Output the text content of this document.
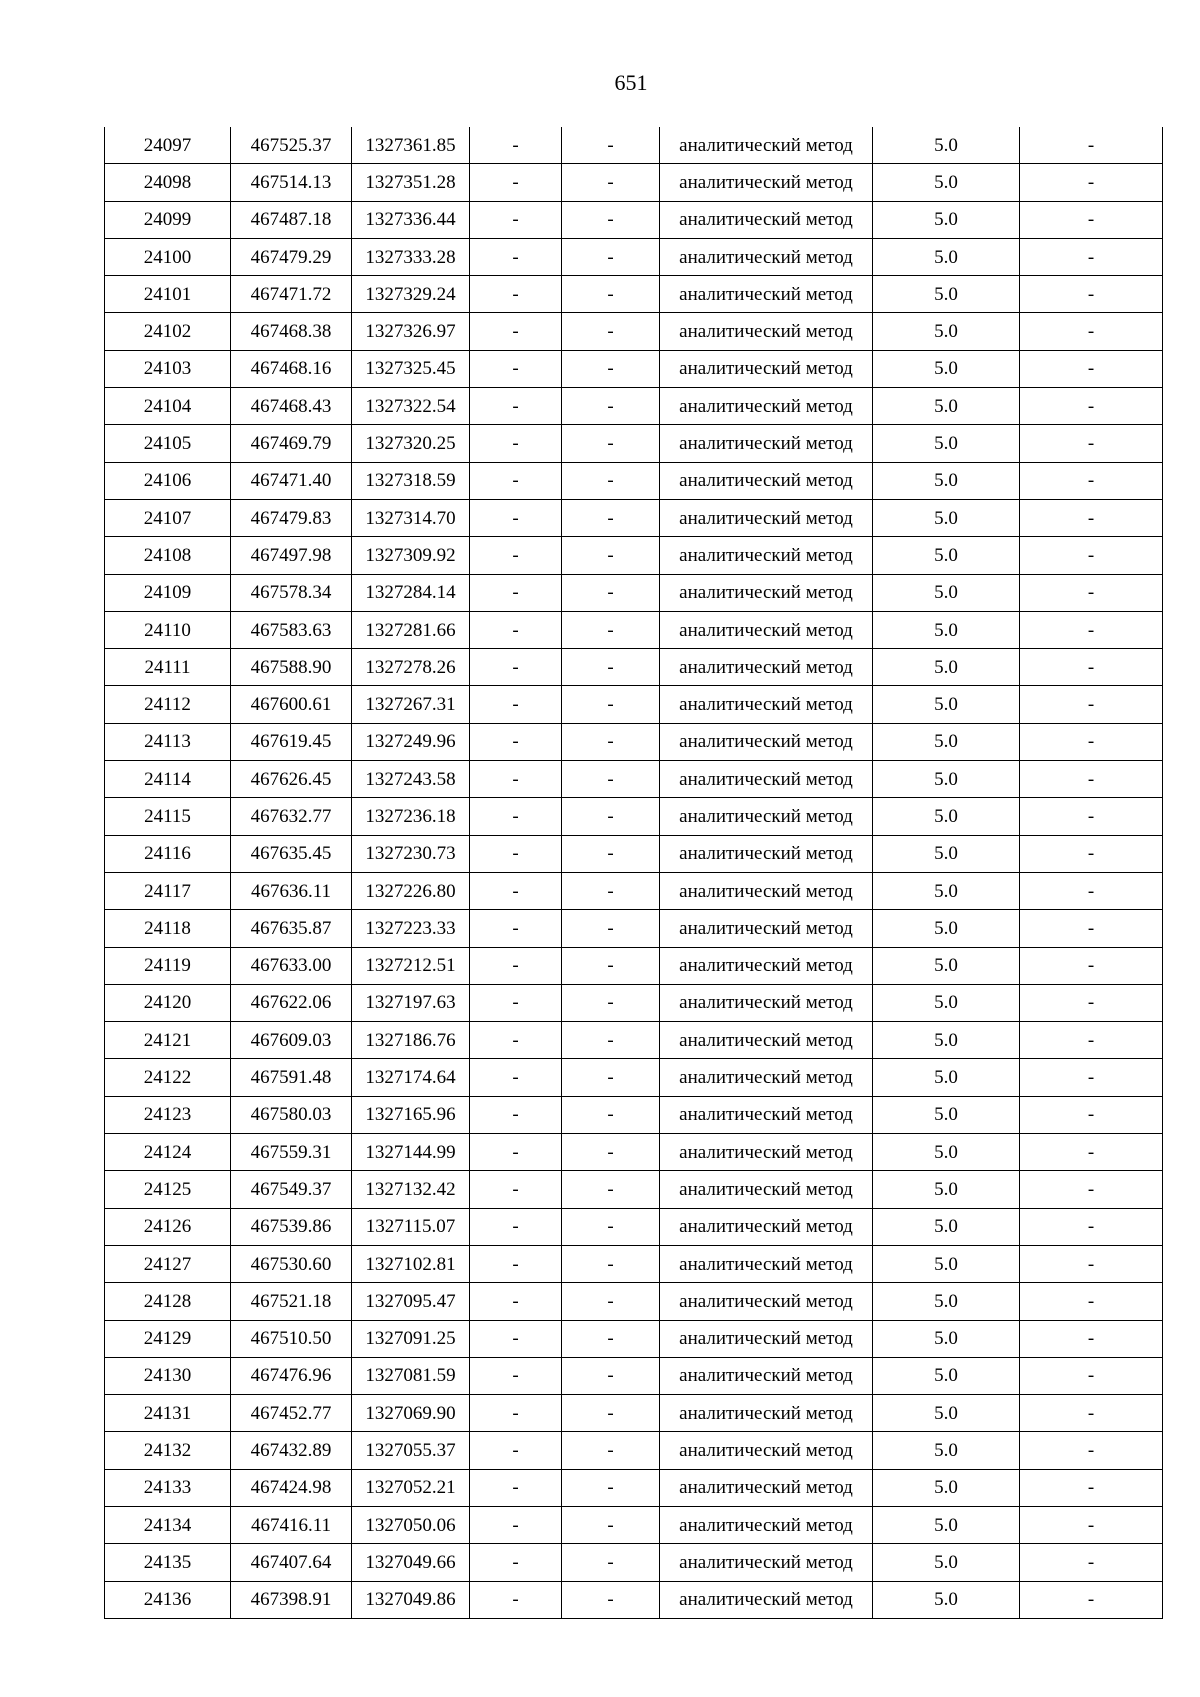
651
24097	467525.37	1327361.85	-	-	аналитический метод	5.0	-
24098	467514.13	1327351.28	-	-	аналитический метод	5.0	-
24099	467487.18	1327336.44	-	-	аналитический метод	5.0	-
24100	467479.29	1327333.28	-	-	аналитический метод	5.0	-
24101	467471.72	1327329.24	-	-	аналитический метод	5.0	-
24102	467468.38	1327326.97	-	-	аналитический метод	5.0	-
24103	467468.16	1327325.45	-	-	аналитический метод	5.0	-
24104	467468.43	1327322.54	-	-	аналитический метод	5.0	-
24105	467469.79	1327320.25	-	-	аналитический метод	5.0	-
24106	467471.40	1327318.59	-	-	аналитический метод	5.0	-
24107	467479.83	1327314.70	-	-	аналитический метод	5.0	-
24108	467497.98	1327309.92	-	-	аналитический метод	5.0	-
24109	467578.34	1327284.14	-	-	аналитический метод	5.0	-
24110	467583.63	1327281.66	-	-	аналитический метод	5.0	-
24111	467588.90	1327278.26	-	-	аналитический метод	5.0	-
24112	467600.61	1327267.31	-	-	аналитический метод	5.0	-
24113	467619.45	1327249.96	-	-	аналитический метод	5.0	-
24114	467626.45	1327243.58	-	-	аналитический метод	5.0	-
24115	467632.77	1327236.18	-	-	аналитический метод	5.0	-
24116	467635.45	1327230.73	-	-	аналитический метод	5.0	-
24117	467636.11	1327226.80	-	-	аналитический метод	5.0	-
24118	467635.87	1327223.33	-	-	аналитический метод	5.0	-
24119	467633.00	1327212.51	-	-	аналитический метод	5.0	-
24120	467622.06	1327197.63	-	-	аналитический метод	5.0	-
24121	467609.03	1327186.76	-	-	аналитический метод	5.0	-
24122	467591.48	1327174.64	-	-	аналитический метод	5.0	-
24123	467580.03	1327165.96	-	-	аналитический метод	5.0	-
24124	467559.31	1327144.99	-	-	аналитический метод	5.0	-
24125	467549.37	1327132.42	-	-	аналитический метод	5.0	-
24126	467539.86	1327115.07	-	-	аналитический метод	5.0	-
24127	467530.60	1327102.81	-	-	аналитический метод	5.0	-
24128	467521.18	1327095.47	-	-	аналитический метод	5.0	-
24129	467510.50	1327091.25	-	-	аналитический метод	5.0	-
24130	467476.96	1327081.59	-	-	аналитический метод	5.0	-
24131	467452.77	1327069.90	-	-	аналитический метод	5.0	-
24132	467432.89	1327055.37	-	-	аналитический метод	5.0	-
24133	467424.98	1327052.21	-	-	аналитический метод	5.0	-
24134	467416.11	1327050.06	-	-	аналитический метод	5.0	-
24135	467407.64	1327049.66	-	-	аналитический метод	5.0	-
24136	467398.91	1327049.86	-	-	аналитический метод	5.0	-
